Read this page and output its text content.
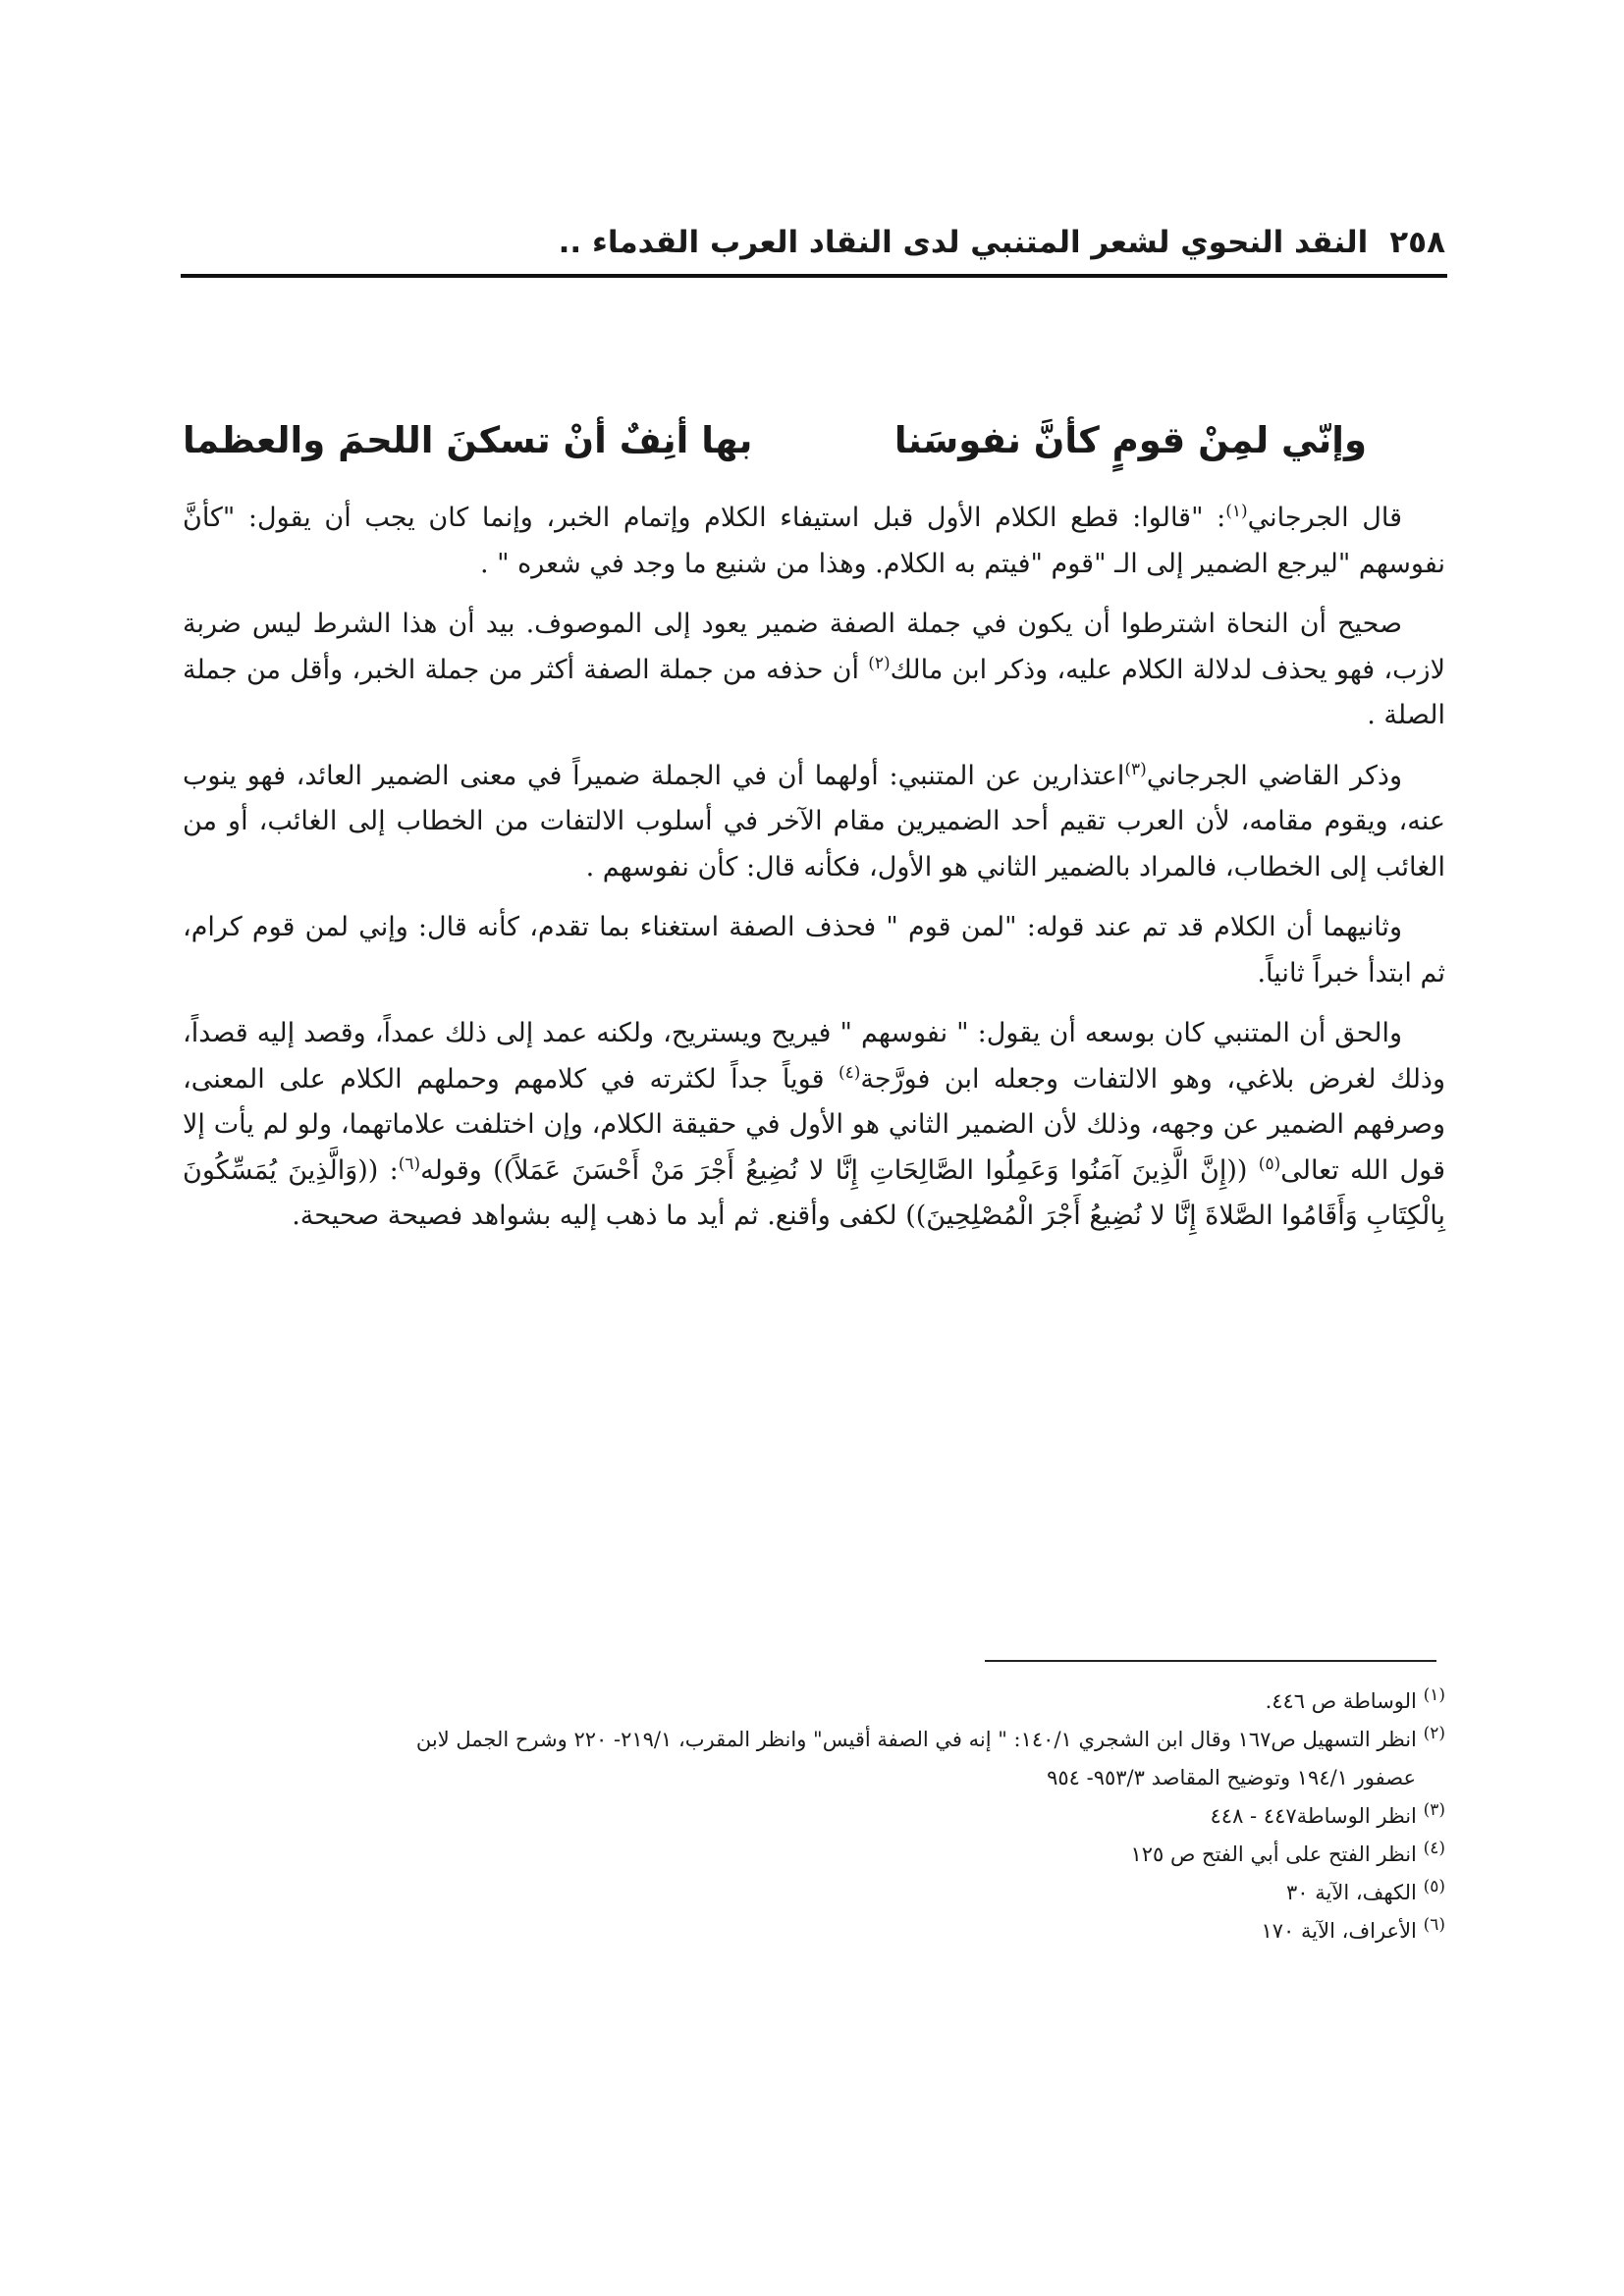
٢٥٨
النقد النحوي لشعر المتنبي لدى النقاد العرب القدماء ..
وإنّي لمِنْ قومٍ كأنَّ نفوسَنا
بها أنِفٌ أنْ تسكنَ اللحمَ والعظما

قال الجرجاني$^{(١)}$: "قالوا: قطع الكلام الأول قبل استيفاء الكلام وإتمام الخبر، وإنما كان يجب أن يقول: "كأنَّ نفوسهم "ليرجع الضمير إلى الـ "قوم "فيتم به الكلام. وهذا من شنيع ما وجد في شعره " .

صحيح أن النحاة اشترطوا أن يكون في جملة الصفة ضمير يعود إلى الموصوف. بيد أن هذا الشرط ليس ضربة لازب، فهو يحذف لدلالة الكلام عليه، وذكر ابن مالك$^{(٢)}$ أن حذفه من جملة الصفة أكثر من جملة الخبر، وأقل من جملة الصلة .

وذكر القاضي الجرجاني$^{(٣)}$اعتذارين عن المتنبي: أولهما أن في الجملة ضميراً في معنى الضمير العائد، فهو ينوب عنه، ويقوم مقامه، لأن العرب تقيم أحد الضميرين مقام الآخر في أسلوب الالتفات من الخطاب إلى الغائب، أو من الغائب إلى الخطاب، فالمراد بالضمير الثاني هو الأول، فكأنه قال: كأن نفوسهم .

وثانيهما أن الكلام قد تم عند قوله: "لمن قوم " فحذف الصفة استغناء بما تقدم، كأنه قال: وإني لمن قوم كرام، ثم ابتدأ خبراً ثانياً.

والحق أن المتنبي كان بوسعه أن يقول: " نفوسهم " فيريح ويستريح، ولكنه عمد إلى ذلك عمداً، وقصد إليه قصداً، وذلك لغرض بلاغي، وهو الالتفات وجعله ابن فورَّجة$^{(٤)}$ قوياً جداً لكثرته في كلامهم وحملهم الكلام على المعنى، وصرفهم الضمير عن وجهه، وذلك لأن الضمير الثاني هو الأول في حقيقة الكلام، وإن اختلفت علاماتهما، ولو لم يأت إلا قول الله تعالى$^{(٥)}$ ((إِنَّ الَّذِينَ آمَنُوا وَعَمِلُوا الصَّالِحَاتِ إِنَّا لا نُضِيعُ أَجْرَ مَنْ أَحْسَنَ عَمَلاً)) وقوله$^{(٦)}$: ((وَالَّذِينَ يُمَسِّكُونَ بِالْكِتَابِ وَأَقَامُوا الصَّلاةَ إِنَّا لا نُضِيعُ أَجْرَ الْمُصْلِحِينَ)) لكفى وأقنع. ثم أيد ما ذهب إليه بشواهد فصيحة صحيحة.

$^{(١)}$ الوساطة ص ٤٤٦.

$^{(٢)}$ انظر التسهيل ص١٦٧ وقال ابن الشجري ١٤٠/١: " إنه في الصفة أقيس" وانظر المقرب، ٢١٩/١- ٢٢٠ وشرح الجمل لابن

عصفور ١٩٤/١ وتوضيح المقاصد ٩٥٣/٣- ٩٥٤

$^{(٣)}$ انظر الوساطة٤٤٧ - ٤٤٨

$^{(٤)}$ انظر الفتح على أبي الفتح ص ١٢٥

$^{(٥)}$ الكهف، الآية ٣٠

$^{(٦)}$ الأعراف، الآية ١٧٠
